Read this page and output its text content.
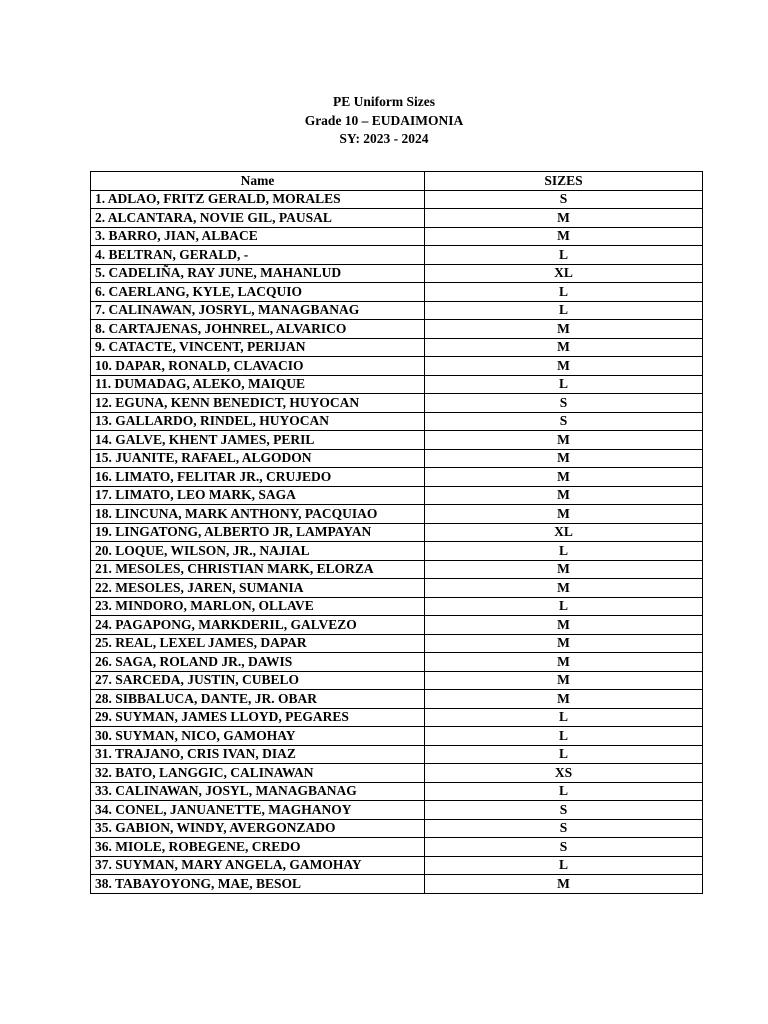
PE Uniform Sizes
Grade 10 – EUDAIMONIA
SY: 2023 - 2024
Name	SIZES
1. ADLAO, FRITZ GERALD, MORALES	S
2. ALCANTARA, NOVIE GIL, PAUSAL	M
3. BARRO, JIAN, ALBACE	M
4. BELTRAN, GERALD, -	L
5. CADELIÑA, RAY JUNE, MAHANLUD	XL
6. CAERLANG, KYLE, LACQUIO	L
7. CALINAWAN, JOSRYL, MANAGBANAG	L
8. CARTAJENAS, JOHNREL, ALVARICO	M
9. CATACTE, VINCENT, PERIJAN	M
10. DAPAR, RONALD, CLAVACIO	M
11. DUMADAG, ALEKO, MAIQUE	L
12. EGUNA, KENN BENEDICT, HUYOCAN	S
13. GALLARDO, RINDEL, HUYOCAN	S
14. GALVE, KHENT JAMES, PERIL	M
15. JUANITE, RAFAEL, ALGODON	M
16. LIMATO, FELITAR JR., CRUJEDO	M
17. LIMATO, LEO MARK, SAGA	M
18. LINCUNA, MARK ANTHONY, PACQUIAO	M
19. LINGATONG, ALBERTO JR, LAMPAYAN	XL
20. LOQUE, WILSON, JR., NAJIAL	L
21. MESOLES, CHRISTIAN MARK, ELORZA	M
22. MESOLES, JAREN, SUMANIA	M
23. MINDORO, MARLON, OLLAVE	L
24. PAGAPONG, MARKDERIL, GALVEZO	M
25. REAL, LEXEL JAMES, DAPAR	M
26. SAGA, ROLAND JR., DAWIS	M
27. SARCEDA, JUSTIN, CUBELO	M
28. SIBBALUCA, DANTE, JR. OBAR	M
29. SUYMAN, JAMES LLOYD, PEGARES	L
30. SUYMAN, NICO, GAMOHAY	L
31. TRAJANO, CRIS IVAN, DIAZ	L
32. BATO, LANGGIC, CALINAWAN	XS
33. CALINAWAN, JOSYL, MANAGBANAG	L
34. CONEL, JANUANETTE, MAGHANOY	S
35. GABION, WINDY, AVERGONZADO	S
36. MIOLE, ROBEGENE, CREDO	S
37. SUYMAN, MARY ANGELA, GAMOHAY	L
38. TABAYOYONG, MAE, BESOL	M
